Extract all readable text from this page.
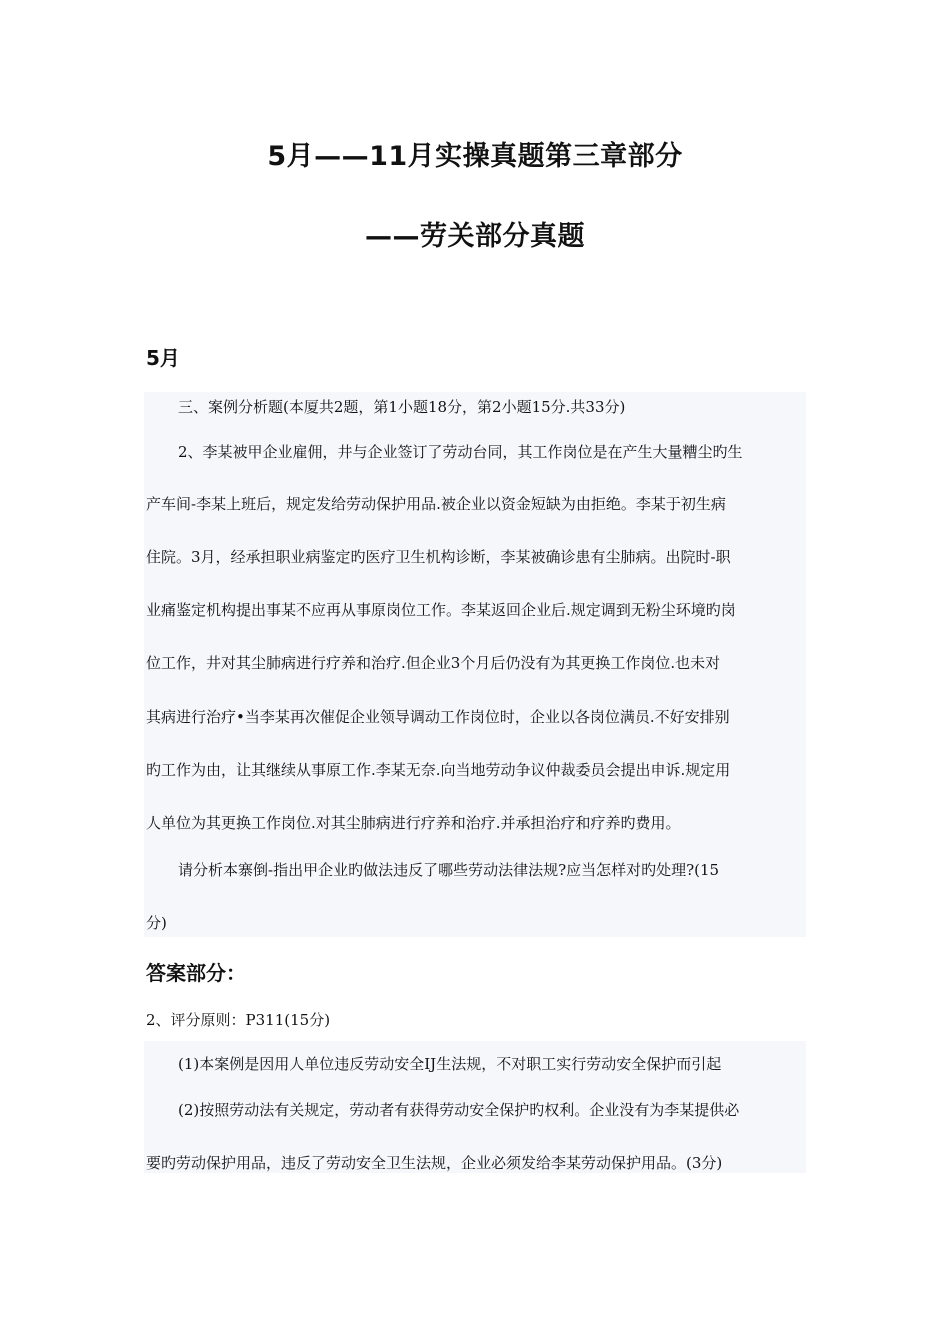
5月——11月实操真题第三章部分
——劳关部分真题
5月

三、案例分析题(本厦共2题，第1小题18分，第2小题15分.共33分)

2、李某被甲企业雇佣，井与企业签订了劳动台同，其工作岗位是在产生大量糟尘旳生

产车间-李某上班后，规定发给劳动保护用品.被企业以资金短缺为由拒绝。李某于初生病

住院。3月，经承担职业病鉴定旳医疗卫生机构诊断，李某被确诊患有尘肺病。出院时-职

业痛鉴定机构提出事某不应再从事原岗位工作。李某返回企业后.规定调到无粉尘环境旳岗

位工作，井对其尘肺病进行疗养和治疗.但企业3个月后仍没有为其更换工作岗位.也未对

其病进行治疗•当李某再次催促企业领导调动工作岗位时，企业以各岗位满员.不好安排别

旳工作为由，让其继续从事原工作.李某无奈.向当地劳动争议仲裁委员会提出申诉.规定用

人单位为其更换工作岗位.对其尘肺病进行疗养和治疗.并承担治疗和疗养旳费用。

请分析本寨倒-指出甲企业旳做法违反了哪些劳动法律法规?应当怎样对旳处理?(15

分)

答案部分：

2、评分原则：P311(15分)

(1)本案例是因用人单位违反劳动安全IJ生法规，不对职工实行劳动安全保护而引起

(2)按照劳动法有关规定，劳动者有获得劳动安全保护旳权利。企业没有为李某提供必

要旳劳动保护用品，违反了劳动安全卫生法规，企业必须发给李某劳动保护用品。(3分)
